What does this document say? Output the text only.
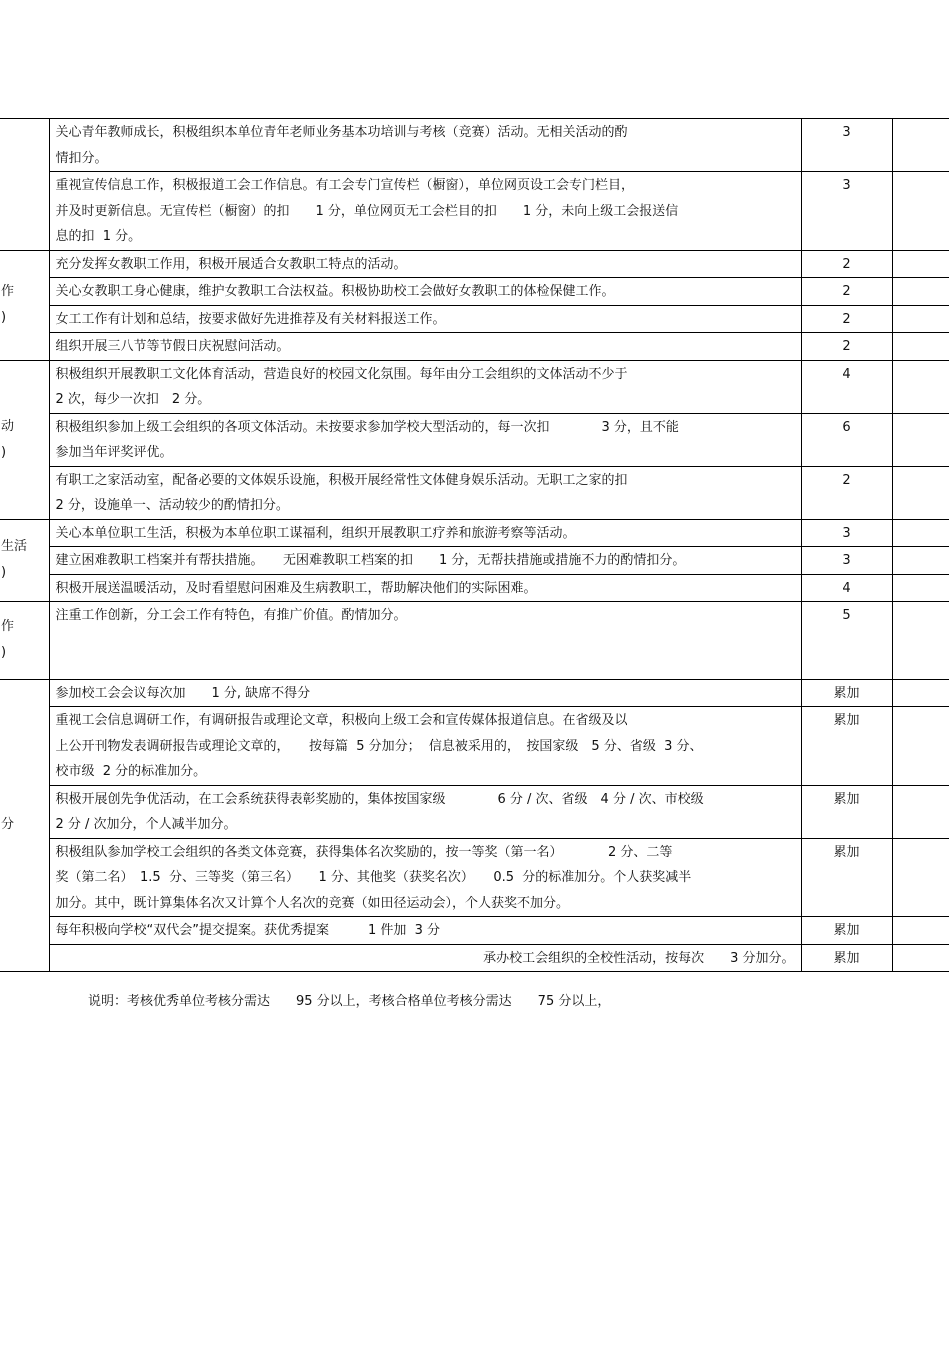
	关心青年教师成长，积极组织本单位青年老师业务基本功培训与考核（竞赛）活动。无相关活动的酌
情扣分。	3	
	重视宣传信息工作，积极报道工会工作信息。有工会专门宣传栏（橱窗），单位网页设工会专门栏目，
并及时更新信息。无宣传栏（橱窗）的扣　　1 分，单位网页无工会栏目的扣　　1 分，未向上级工会报送信
息的扣  1 分。	3	

作
)	充分发挥女教职工作用，积极开展适合女教职工特点的活动。	2	
	关心女教职工身心健康，维护女教职工合法权益。积极协助校工会做好女教职工的体检保健工作。	2	
	女工工作有计划和总结，按要求做好先进推荐及有关材料报送工作。	2	
	组织开展三八节等节假日庆祝慰问活动。	2	

动
)	积极组织开展教职工文化体育活动，营造良好的校园文化氛围。每年由分工会组织的文体活动不少于
2 次，每少一次扣　2 分。	4	
	积极组织参加上级工会组织的各项文体活动。未按要求参加学校大型活动的，每一次扣　　　　3 分，且不能
参加当年评奖评优。	6	
	有职工之家活动室，配备必要的文体娱乐设施，积极开展经常性文体健身娱乐活动。无职工之家的扣
2 分，设施单一、活动较少的酌情扣分。	2	

生活
)	关心本单位职工生活，积极为本单位职工谋福利，组织开展教职工疗养和旅游考察等活动。	3	
	建立困难教职工档案并有帮扶措施。　　无困难教职工档案的扣　　1 分，无帮扶措施或措施不力的酌情扣分。	3	
	积极开展送温暖活动，及时看望慰问困难及生病教职工，帮助解决他们的实际困难。	4	

作
)	注重工作创新，分工会工作有特色，有推广价值。酌情加分。	5	

分	参加校工会会议每次加　　1 分, 缺席不得分	累加	
	重视工会信息调研工作，有调研报告或理论文章，积极向上级工会和宣传媒体报道信息。在省级及以
上公开刊物发表调研报告或理论文章的，　　按每篇  5 分加分；  信息被采用的，　按国家级　5 分、省级  3 分、
校市级  2 分的标准加分。	累加	
	积极开展创先争优活动，在工会系统获得表彰奖励的，集体按国家级　　　　6 分 / 次、省级　4 分 / 次、市校级
2 分 / 次加分，个人减半加分。	累加	
	积极组队参加学校工会组织的各类文体竞赛，获得集体名次奖励的，按一等奖（第一名）　　　　2 分、二等
奖（第二名）　1.5  分、三等奖（第三名）　　1 分、其他奖（获奖名次）　　0.5  分的标准加分。个人获奖减半
加分。其中，既计算集体名次又计算个人名次的竞赛（如田径运动会），个人获奖不加分。	累加	
	每年积极向学校“双代会”提交提案。获优秀提案　　　1 件加  3 分	累加	
	承办校工会组织的全校性活动，按每次　　3 分加分。	累加	
说明：考核优秀单位考核分需达　　95 分以上，考核合格单位考核分需达　　75 分以上，
